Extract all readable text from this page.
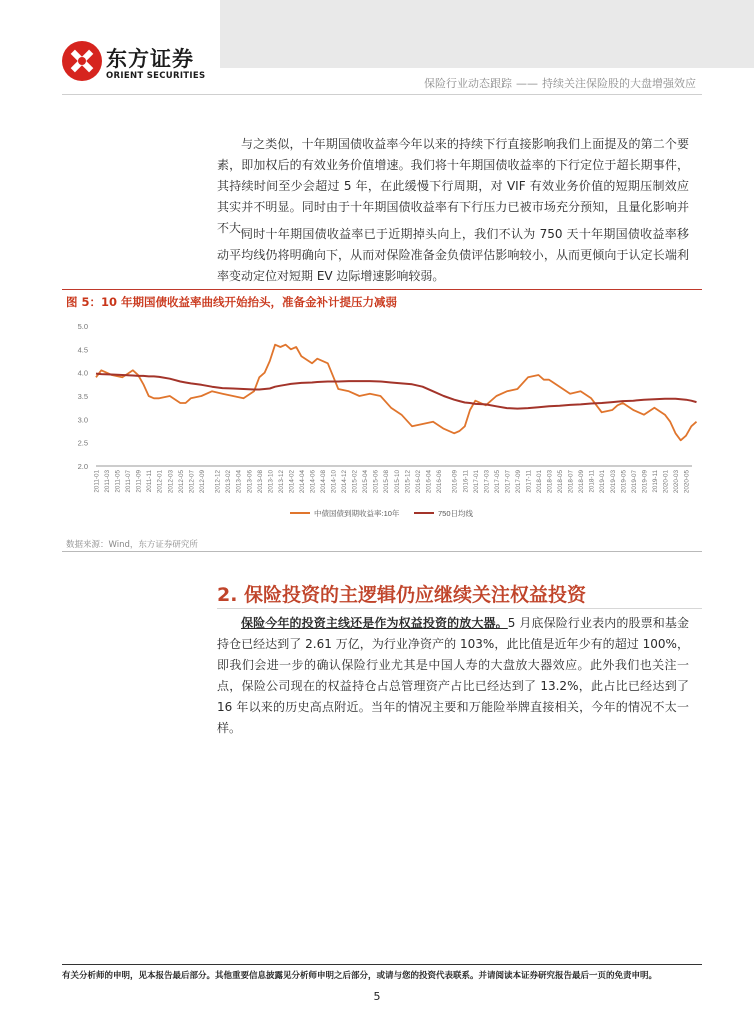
东方证券
ORIENT SECURITIES
保险行业动态跟踪 —— 持续关注保险股的大盘增强效应

与之类似，十年期国债收益率今年以来的持续下行直接影响我们上面提及的第二个要素，即加权后的有效业务价值增速。我们将十年期国债收益率的下行定位于超长期事件，其持续时间至少会超过 5 年，在此缓慢下行周期，对 VIF 有效业务价值的短期压制效应其实并不明显。同时由于十年期国债收益率有下行压力已被市场充分预知，且量化影响并不大。

同时十年期国债收益率已于近期掉头向上，我们不认为 750 天十年期国债收益率移动平均线仍将明确向下，从而对保险准备金负债评估影响较小，从而更倾向于认定长端利率变动定位对短期 EV 边际增速影响较弱。

图 5：10 年期国债收益率曲线开始抬头，准备金补计提压力减弱
5.0
4.5
4.0
3.5
3.0
2.5
2.0
2011-01 2011-03 2011-05 2011-07 2011-09 2011-11 2012-01 2012-03 2012-05 2012-07 2012-09 2012-12 2013-02 2013-04 2013-06 2013-08 2013-10 2013-12 2014-02 2014-04 2014-06 2014-08 2014-10 2014-12 2015-02 2015-04 2015-06 2015-08 2015-10 2015-12 2016-02 2016-04 2016-06 2016-09 2016-11 2017-01 2017-03 2017-05 2017-07 2017-09 2017-11 2018-01 2018-03 2018-05 2018-07 2018-09 2018-11 2019-01 2019-03 2019-05 2019-07 2019-09 2019-11 2020-01 2020-03 2020-05
中债国债到期收益率:10年	750日均线
数据来源：Wind，东方证券研究所
2. 保险投资的主逻辑仍应继续关注权益投资

保险今年的投资主线还是作为权益投资的放大器。5 月底保险行业表内的股票和基金持仓已经达到了 2.61 万亿，为行业净资产的 103%，此比值是近年少有的超过 100%，即我们会进一步的确认保险行业尤其是中国人寿的大盘放大器效应。此外我们也关注一点，保险公司现在的权益持仓占总管理资产占比已经达到了 13.2%，此占比已经达到了 16 年以来的历史高点附近。当年的情况主要和万能险举牌直接相关，今年的情况不太一样。

有关分析师的申明，见本报告最后部分。其他重要信息披露见分析师申明之后部分，或请与您的投资代表联系。并请阅读本证券研究报告最后一页的免责申明。
5
